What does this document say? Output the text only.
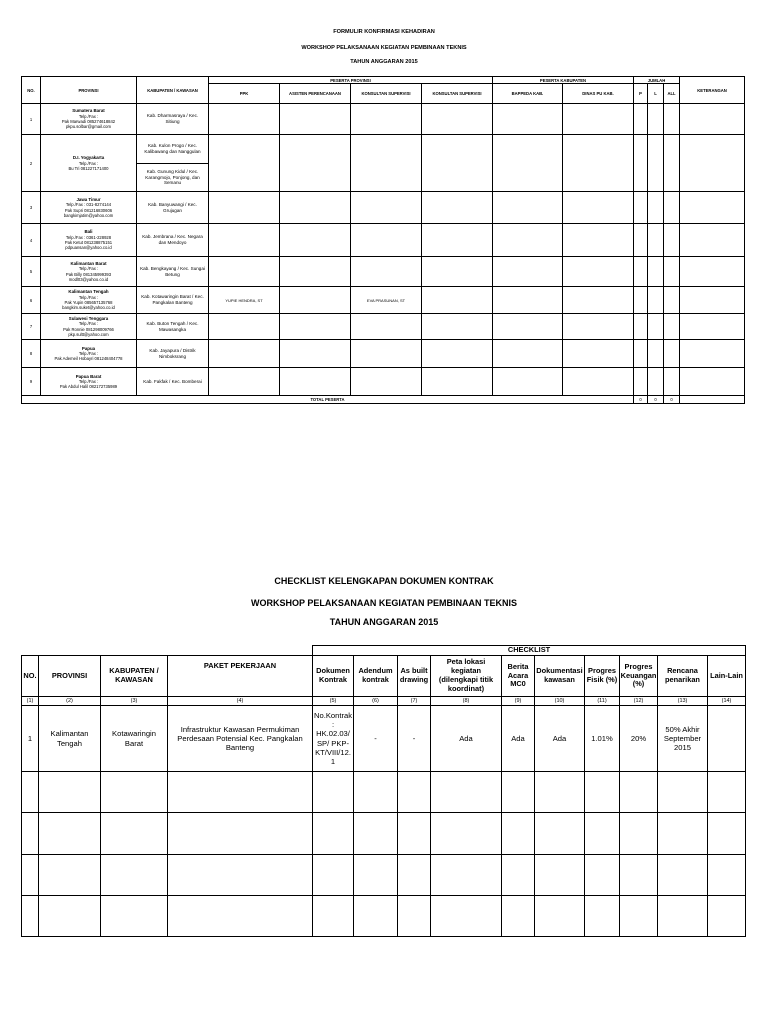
FORMULIR KONFIRMASI KEHADIRAN
WORKSHOP PELAKSANAAN KEGIATAN PEMBINAAN TEKNIS
TAHUN ANGGARAN 2015
NO.	PROVINSI	KABUPATEN / KAWASAN	PESERTA PROVINSI				PESERTA KABUPATEN		JUMLAH			KETERANGAN
			PPK	ASISTEN PERENCANAAN	KONSULTAN SUPERVISI	KONSULTAN SUPERVISI	BAPPEDA KAB.	DINAS PU KAB.	P	L	ALL	
1	Sumatera Barat
Telp./Fax :
Pak Marwadi 085274618842
pkpu.solbar@gmail.com	Kab. Dharmasraya / Kec. Sitiung										
2	D.I. Yogyakarta
Telp./Fax :
Bu Tri 081227171400	Kab. Kulon Progo / Kec. Kalibawang dan Nanggulan										
		Kab. Gunung Kidul / Kec. Karangmojo, Ponjong, dan Semanu										
3	Jawa Timur
Telp./Fax : 031-8274144
Pak Supri 081216830606
bangkimjatim@yahoo.com	Kab. Banyuwangi / Kec. Grujugan										
4	Bali
Telp./Fax : 0361-228928
Pak Ketut 081238875151
pdpuansan@yahoo.co.id	Kab. Jembrana / Kec. Negara dan Mendoyo										
5	Kalimantan Barat
Telp./Fax :
Pak Billy 081345999393
modl03@yahoo.co.id	Kab. Bengkayang / Kec. Sungai Betung										
6	Kalimantan Tengah
Telp./Fax :
Pak Yupin 085657135768
bangkim.suket@yahoo.co.id	Kab. Kotawaringin Barat / Kec. Pangkalan Banteng	YUPIE HENDRA, ST		EVA PRASUNAN, ST							
7	Sulawesi Tenggara
Telp./Fax :
Pak Ronnie 081298009766
pkp.sultt@yahoo.com	Kab. Buton Tengah / Kec. Mawasangka										
8	Papua
Telp./Fax :
Pak Ademeil Hobayri 081248404778	Kab. Jayapura / Distrik Nimboksrang										
9	Papua Barat
Telp./Fax :
Pak Abdul Halil 082172735989	Kab. Fakfak / Kec. Bomberai										
TOTAL PESERTA									0	0	0	
CHECKLIST KELENGKAPAN DOKUMEN KONTRAK
WORKSHOP PELAKSANAAN KEGIATAN PEMBINAAN TEKNIS
TAHUN ANGGARAN 2015
				CHECKLIST									
NO.	PROVINSI	KABUPATEN / KAWASAN	PAKET PEKERJAAN	Dokumen Kontrak	Adendum kontrak	As built drawing	Peta lokasi kegiatan
(dilengkapi titik koordinat)	Berita Acara MC0	Dokumentasi kawasan	Progres Fisik (%)	Progres Keuangan (%)	Rencana penarikan	Lain-Lain
(1)	(2)	(3)	(4)	(5)	(6)	(7)	(8)	(9)	(10)	(11)	(12)	(13)	(14)
1	Kalimantan Tengah	Kotawaringin Barat	Infrastruktur Kawasan Permukiman Perdesaan Potensial Kec. Pangkalan Banteng	No.Kontrak : HK.02.03/SP/ PKP-KT/VIII/12.1	-	-	Ada	Ada	Ada	1.01%	20%	50% Akhir September 2015	
